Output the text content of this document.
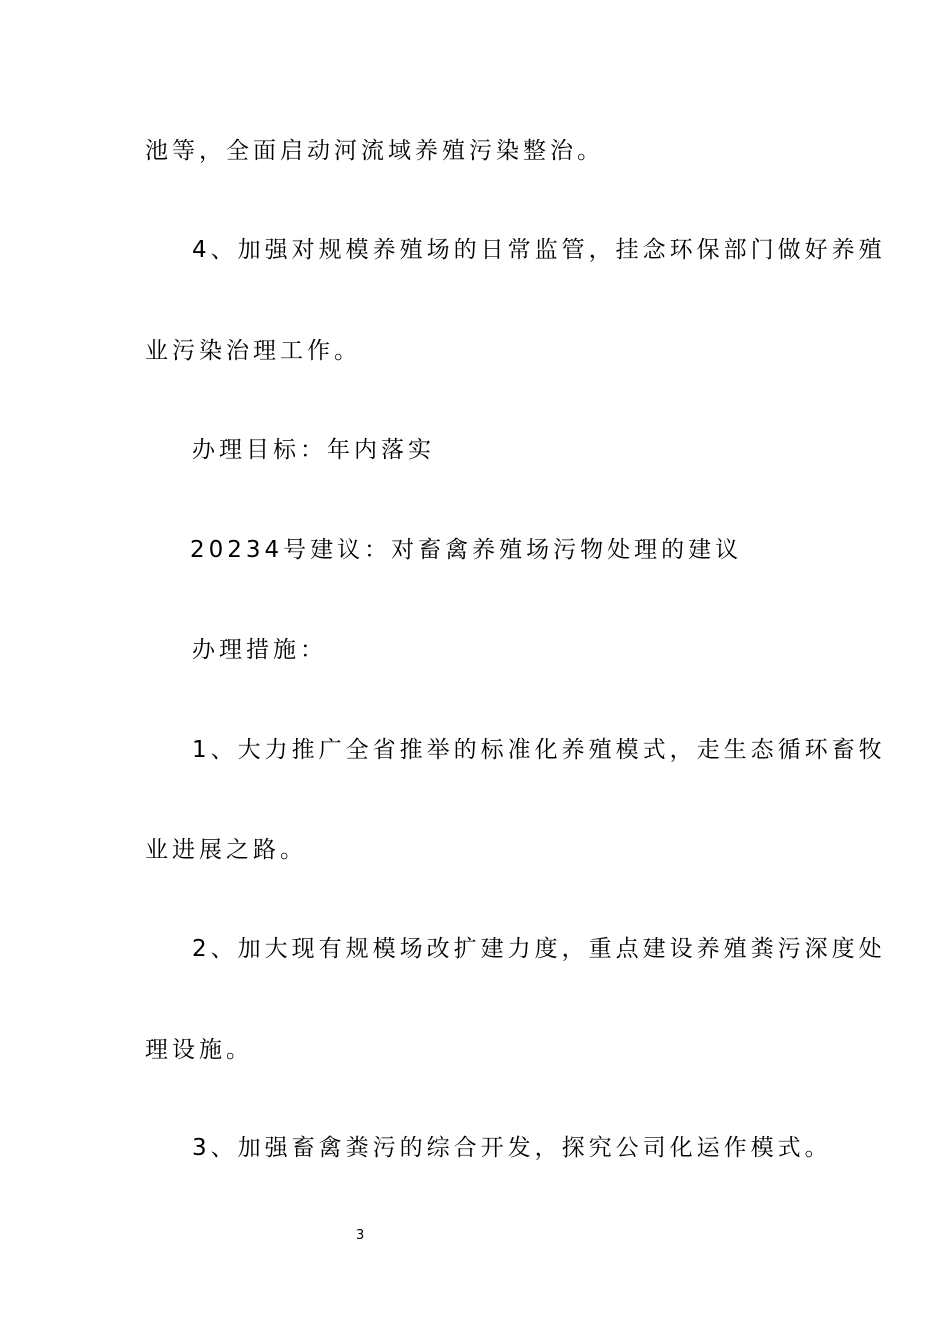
池等，全面启动河流域养殖污染整治。
4、加强对规模养殖场的日常监管，挂念环保部门做好养殖
业污染治理工作。
办理目标：年内落实
20234号建议：对畜禽养殖场污物处理的建议
办理措施：
1、大力推广全省推举的标准化养殖模式，走生态循环畜牧
业进展之路。
2、加大现有规模场改扩建力度，重点建设养殖粪污深度处
理设施。
3、加强畜禽粪污的综合开发，探究公司化运作模式。
3
